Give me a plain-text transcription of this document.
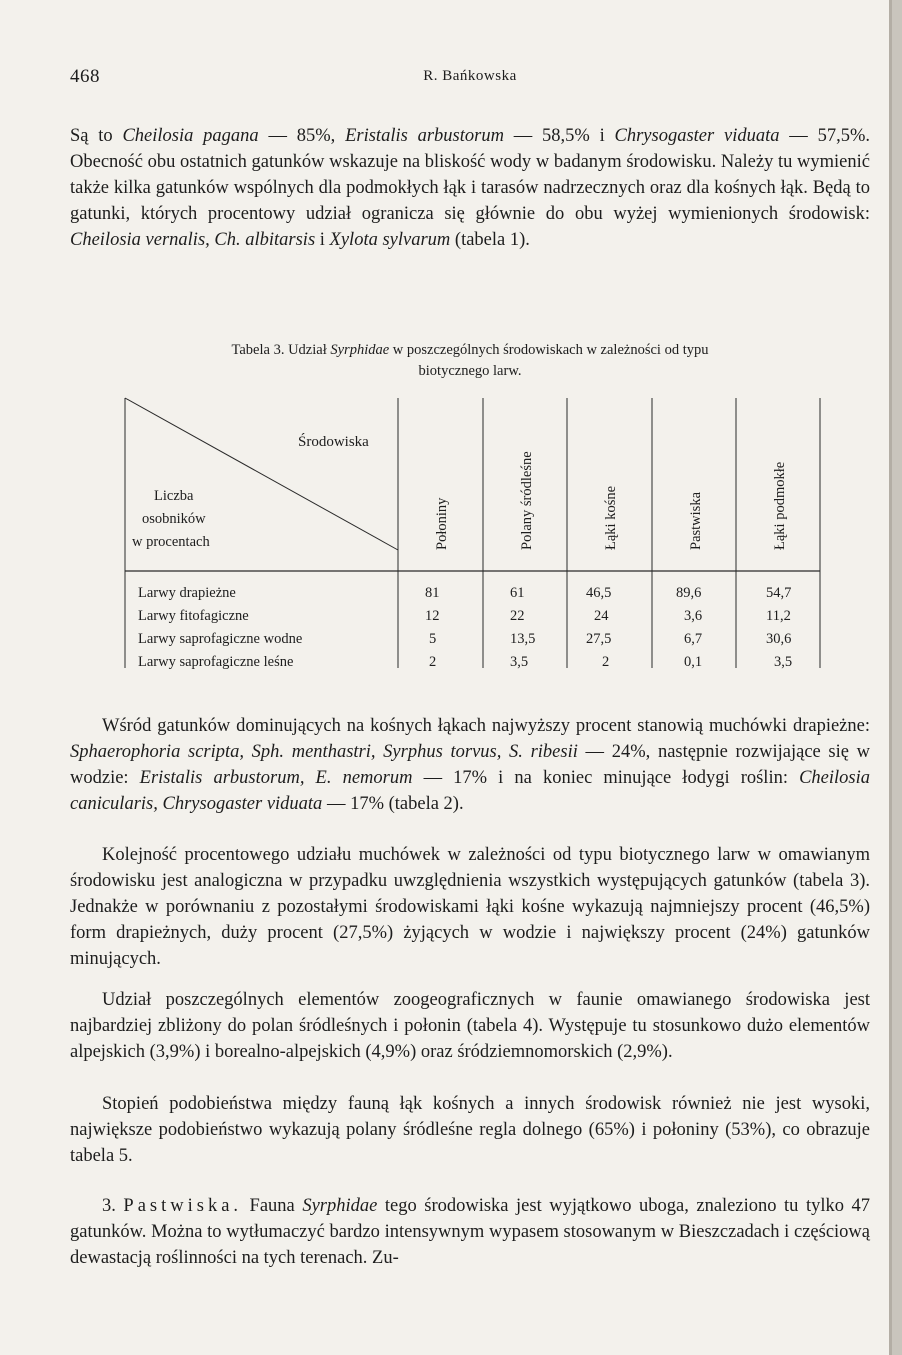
468	R. Bańkowska

Są to Cheilosia pagana — 85%, Eristalis arbustorum — 58,5% i Chrysogaster viduata — 57,5%. Obecność obu ostatnich gatunków wskazuje na bliskość wody w badanym środowisku. Należy tu wymienić także kilka gatunków wspólnych dla podmokłych łąk i tarasów nadrzecznych oraz dla kośnych łąk. Będą to gatunki, których procentowy udział ogranicza się głównie do obu wyżej wymienionych środowisk: Cheilosia vernalis, Ch. albitarsis i Xylota sylvarum (tabela 1).

Tabela 3. Udział Syrphidae w poszczególnych środowiskach w zależności od typu
biotycznego larw.
Środowiska
Liczba
osobników
w procentach	Połoniny	Polany śródleśne	Łąki kośne	Pastwiska	Łąki podmokłe
Larwy drapieżne	81	61	46,5	89,6	54,7
Larwy fitofagiczne	12	22	24	3,6	11,2
Larwy saprofagiczne wodne	5	13,5	27,5	6,7	30,6
Larwy saprofagiczne leśne	2	3,5	2	0,1	3,5

Wśród gatunków dominujących na kośnych łąkach najwyższy procent stanowią muchówki drapieżne: Sphaerophoria scripta, Sph. menthastri, Syrphus torvus, S. ribesii — 24%, następnie rozwijające się w wodzie: Eristalis arbustorum, E. nemorum — 17% i na koniec minujące łodygi roślin: Cheilosia canicularis, Chrysogaster viduata — 17% (tabela 2).

Kolejność procentowego udziału muchówek w zależności od typu biotycznego larw w omawianym środowisku jest analogiczna w przypadku uwzględnienia wszystkich występujących gatunków (tabela 3). Jednakże w porównaniu z pozostałymi środowiskami łąki kośne wykazują najmniejszy procent (46,5%) form drapieżnych, duży procent (27,5%) żyjących w wodzie i największy procent (24%) gatunków minujących.

Udział poszczególnych elementów zoogeograficznych w faunie omawianego środowiska jest najbardziej zbliżony do polan śródleśnych i połonin (tabela 4). Występuje tu stosunkowo dużo elementów alpejskich (3,9%) i borealno-alpejskich (4,9%) oraz śródziemnomorskich (2,9%).

Stopień podobieństwa między fauną łąk kośnych a innych środowisk również nie jest wysoki, największe podobieństwo wykazują polany śródleśne regla dolnego (65%) i połoniny (53%), co obrazuje tabela 5.

3. Pastwiska. Fauna Syrphidae tego środowiska jest wyjątkowo uboga, znaleziono tu tylko 47 gatunków. Można to wytłumaczyć bardzo intensywnym wypasem stosowanym w Bieszczadach i częściową dewastacją roślinności na tych terenach. Zu-
